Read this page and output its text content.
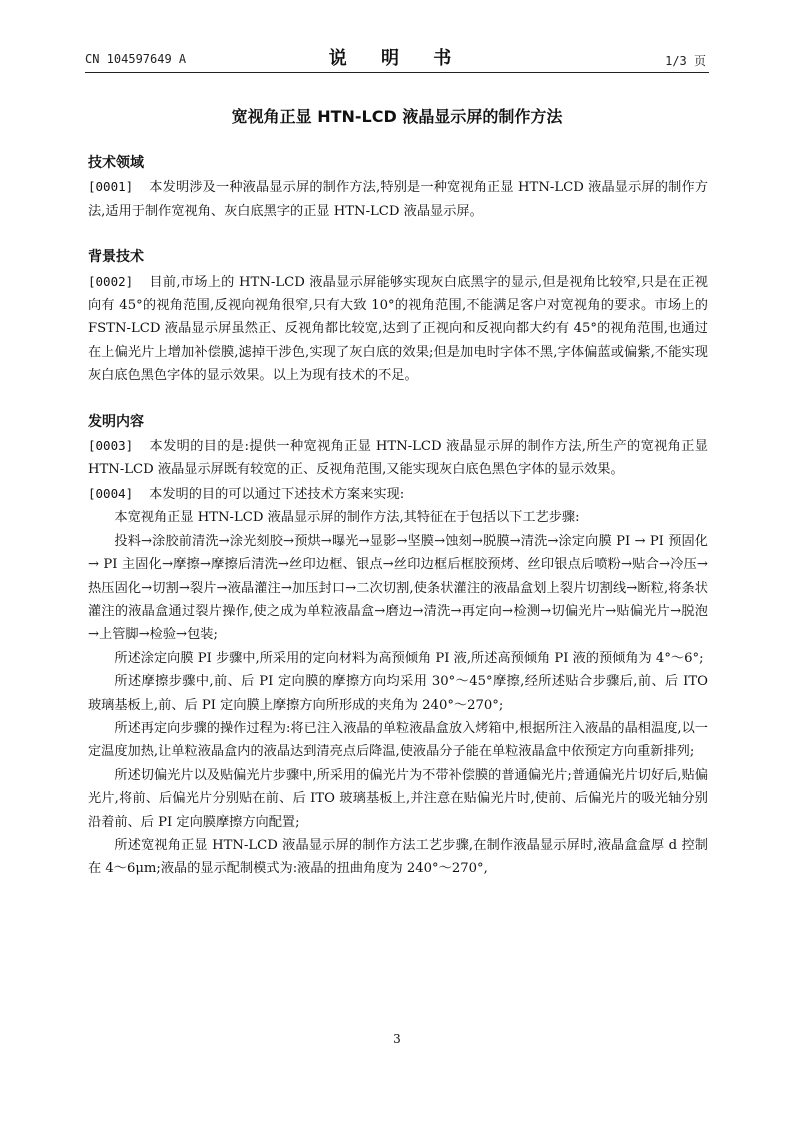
CN 104597649 A	说 明 书	1/3 页
宽视角正显 HTN-LCD 液晶显示屏的制作方法
技术领域

[0001] 本发明涉及一种液晶显示屏的制作方法,特别是一种宽视角正显 HTN-LCD 液晶显示屏的制作方法,适用于制作宽视角、灰白底黑字的正显 HTN-LCD 液晶显示屏。

背景技术

[0002] 目前,市场上的 HTN-LCD 液晶显示屏能够实现灰白底黑字的显示,但是视角比较窄,只是在正视向有 45°的视角范围,反视向视角很窄,只有大致 10°的视角范围,不能满足客户对宽视角的要求。市场上的 FSTN-LCD 液晶显示屏虽然正、反视角都比较宽,达到了正视向和反视向都大约有 45°的视角范围,也通过在上偏光片上增加补偿膜,滤掉干涉色,实现了灰白底的效果;但是加电时字体不黑,字体偏蓝或偏紫,不能实现灰白底色黑色字体的显示效果。以上为现有技术的不足。

发明内容

[0003] 本发明的目的是:提供一种宽视角正显 HTN-LCD 液晶显示屏的制作方法,所生产的宽视角正显 HTN-LCD 液晶显示屏既有较宽的正、反视角范围,又能实现灰白底色黑色字体的显示效果。

[0004] 本发明的目的可以通过下述技术方案来实现:

本宽视角正显 HTN-LCD 液晶显示屏的制作方法,其特征在于包括以下工艺步骤:

投料→涂胶前清洗→涂光刻胶→预烘→曝光→显影→坚膜→蚀刻→脱膜→清洗→涂定向膜 PI → PI 预固化→ PI 主固化→摩擦→摩擦后清洗→丝印边框、银点→丝印边框后框胶预烤、丝印银点后喷粉→贴合→冷压→热压固化→切割→裂片→液晶灌注→加压封口→二次切割,使条状灌注的液晶盒划上裂片切割线→断粒,将条状灌注的液晶盒通过裂片操作,使之成为单粒液晶盒→磨边→清洗→再定向→检测→切偏光片→贴偏光片→脱泡→上管脚→检验→包装;

所述涂定向膜 PI 步骤中,所采用的定向材料为高预倾角 PI 液,所述高预倾角 PI 液的预倾角为 4°～6°;

所述摩擦步骤中,前、后 PI 定向膜的摩擦方向均采用 30°～45°摩擦,经所述贴合步骤后,前、后 ITO 玻璃基板上,前、后 PI 定向膜上摩擦方向所形成的夹角为 240°～270°;

所述再定向步骤的操作过程为:将已注入液晶的单粒液晶盒放入烤箱中,根据所注入液晶的晶相温度,以一定温度加热,让单粒液晶盒内的液晶达到清亮点后降温,使液晶分子能在单粒液晶盒中依预定方向重新排列;

所述切偏光片以及贴偏光片步骤中,所采用的偏光片为不带补偿膜的普通偏光片;普通偏光片切好后,贴偏光片,将前、后偏光片分别贴在前、后 ITO 玻璃基板上,并注意在贴偏光片时,使前、后偏光片的吸光轴分别沿着前、后 PI 定向膜摩擦方向配置;

所述宽视角正显 HTN-LCD 液晶显示屏的制作方法工艺步骤,在制作液晶显示屏时,液晶盒盒厚 d 控制在 4～6μm;液晶的显示配制模式为:液晶的扭曲角度为 240°～270°,

3
